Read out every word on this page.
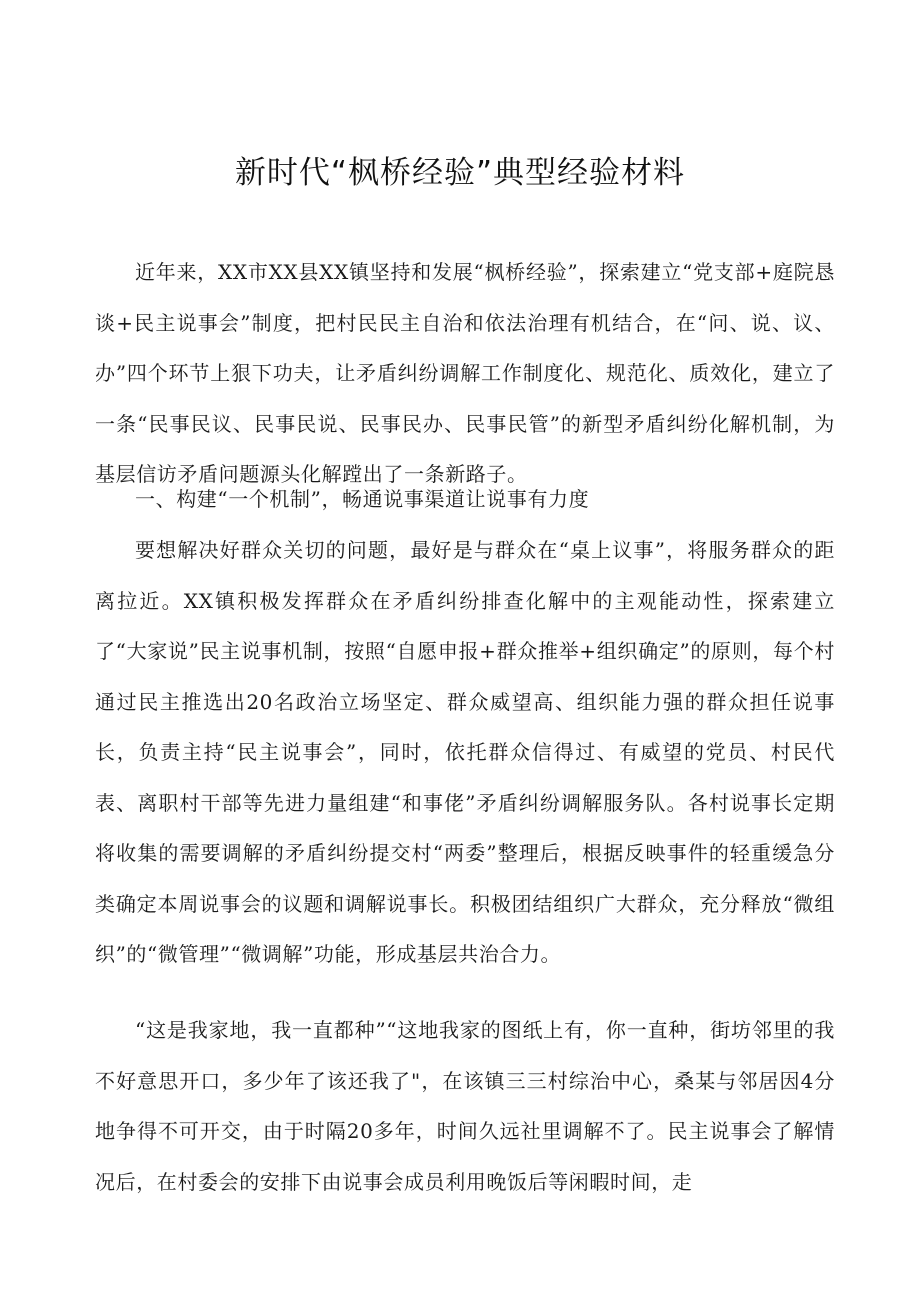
新时代“枫桥经验”典型经验材料

近年来，XX市XX县XX镇坚持和发展“枫桥经验”，探索建立“党支部+庭院恳谈+民主说事会”制度，把村民民主自治和依法治理有机结合，在“问、说、议、办”四个环节上狠下功夫，让矛盾纠纷调解工作制度化、规范化、质效化，建立了一条“民事民议、民事民说、民事民办、民事民管”的新型矛盾纠纷化解机制，为基层信访矛盾问题源头化解蹚出了一条新路子。

一、构建“一个机制”，畅通说事渠道让说事有力度

要想解决好群众关切的问题，最好是与群众在“桌上议事”，将服务群众的距离拉近。XX镇积极发挥群众在矛盾纠纷排查化解中的主观能动性，探索建立了“大家说”民主说事机制，按照“自愿申报+群众推举+组织确定”的原则，每个村通过民主推选出20名政治立场坚定、群众威望高、组织能力强的群众担任说事长，负责主持“民主说事会”，同时，依托群众信得过、有威望的党员、村民代表、离职村干部等先进力量组建“和事佬”矛盾纠纷调解服务队。各村说事长定期将收集的需要调解的矛盾纠纷提交村“两委”整理后，根据反映事件的轻重缓急分类确定本周说事会的议题和调解说事长。积极团结组织广大群众，充分释放“微组织”的“微管理”“微调解”功能，形成基层共治合力。

“这是我家地，我一直都种”“这地我家的图纸上有，你一直种，街坊邻里的我不好意思开口，多少年了该还我了"，在该镇三三村综治中心，桑某与邻居因4分地争得不可开交，由于时隔20多年，时间久远社里调解不了。民主说事会了解情况后，在村委会的安排下由说事会成员利用晚饭后等闲暇时间，走
